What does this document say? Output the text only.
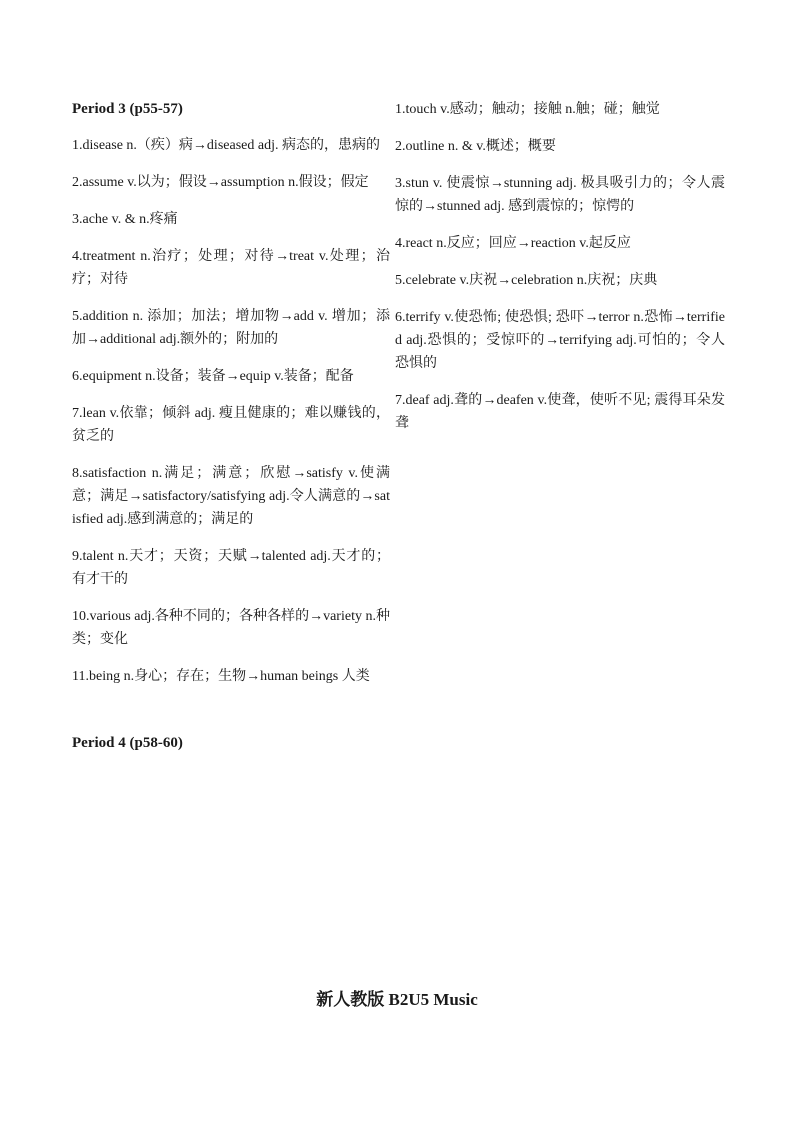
Period 3 (p55-57)
1.disease n.（疾）病→diseased adj. 病态的，患病的
2.assume v.以为；假设→assumption n.假设；假定
3.ache v. & n.疼痛
4.treatment n.治疗；处理；对待→treat v.处理；治疗；对待
5.addition n. 添加；加法；增加物→add v. 增加；添加→additional adj.额外的；附加的
6.equipment n.设备；装备→equip v.装备；配备
7.lean v.依靠；倾斜 adj. 瘦且健康的；难以赚钱的，贫乏的
8.satisfaction n.满足；满意；欣慰→satisfy v.使满意；满足→satisfactory/satisfying adj.令人满意的→satisfied adj.感到满意的；满足的
9.talent n.天才；天资；天赋→talented adj.天才的；有才干的
10.various adj.各种不同的；各种各样的→variety n.种类；变化
11.being n.身心；存在；生物→human beings 人类
Period 4 (p58-60)
1.touch v.感动；触动；接触 n.触；碰；触觉
2.outline n. & v.概述；概要
3.stun v. 使震惊→stunning adj. 极具吸引力的；令人震惊的→stunned adj. 感到震惊的；惊愕的
4.react n.反应；回应→reaction v.起反应
5.celebrate v.庆祝→celebration n.庆祝；庆典
6.terrify v.使恐怖; 使恐惧; 恐吓→terror n.恐怖→terrified adj.恐惧的；受惊吓的→terrifying adj.可怕的；令人恐惧的
7.deaf adj.聋的→deafen v.使聋，使听不见; 震得耳朵发聋
新人教版 B2U5 Music
